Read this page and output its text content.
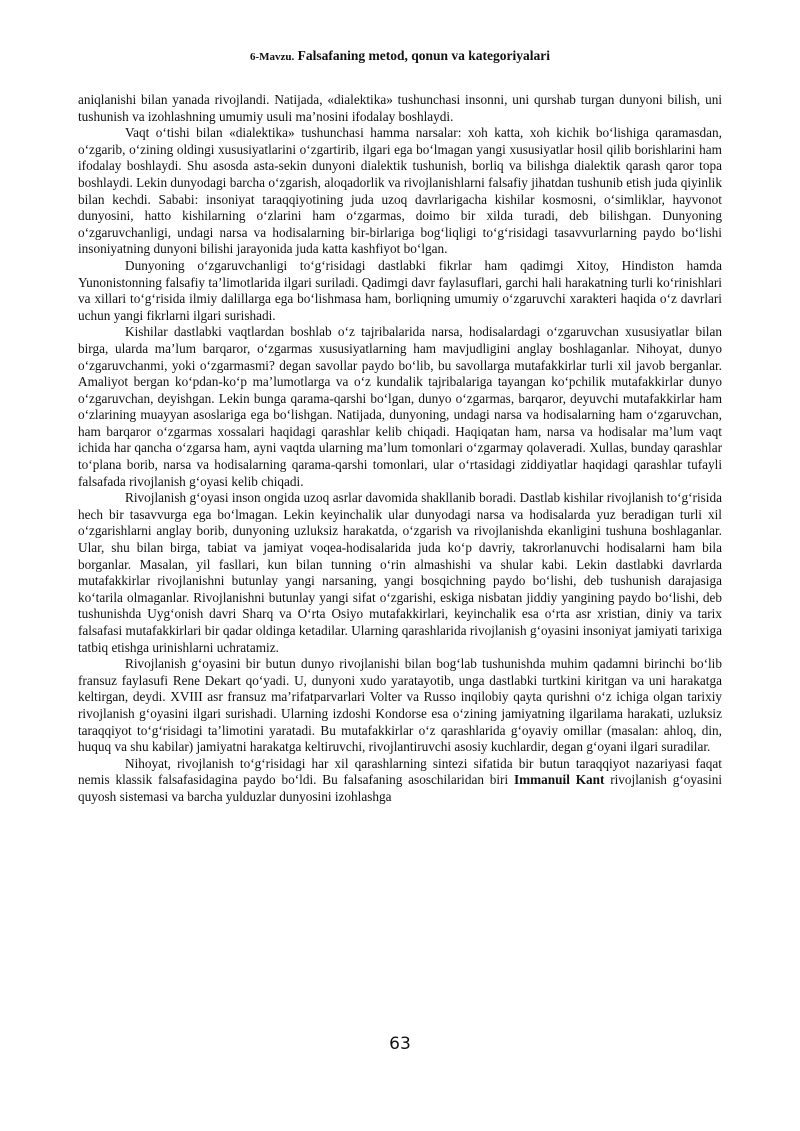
6-Mavzu. Falsafaning metod, qonun va kategoriyalari

aniqlanishi bilan yanada rivojlandi. Natijada, «dialektika» tushunchasi insonni, uni qurshab turgan dunyoni bilish, uni tushunish va izohlashning umumiy usuli ma’nosini ifodalay boshlaydi.

Vaqt o‘tishi bilan «dialektika» tushunchasi hamma narsalar: xoh katta, xoh kichik bo‘lishiga qaramasdan, o‘zgarib, o‘zining oldingi xususiyatlarini o‘zgartirib, ilgari ega bo‘lmagan yangi xususiyatlar hosil qilib borishlarini ham ifodalay boshlaydi. Shu asosda asta-sekin dunyoni dialektik tushunish, borliq va bilishga dialektik qarash qaror topa boshlaydi. Lekin dunyodagi barcha o‘zgarish, aloqadorlik va rivojlanishlarni falsafiy jihatdan tushunib etish juda qiyinlik bilan kechdi. Sababi: insoniyat taraqqiyotining juda uzoq davrlarigacha kishilar kosmosni, o‘simliklar, hayvonot dunyosini, hatto kishilarning o‘zlarini ham o‘zgarmas, doimo bir xilda turadi, deb bilishgan. Dunyoning o‘zgaruvchanligi, undagi narsa va hodisalarning bir-birlariga bog‘liqligi to‘g‘risidagi tasavvurlarning paydo bo‘lishi insoniyatning dunyoni bilishi jarayonida juda katta kashfiyot bo‘lgan.

Dunyoning o‘zgaruvchanligi to‘g‘risidagi dastlabki fikrlar ham qadimgi Xitoy, Hindiston hamda Yunonistonning falsafiy ta’limotlarida ilgari suriladi. Qadimgi davr faylasuflari, garchi hali harakatning turli ko‘rinishlari va xillari to‘g‘risida ilmiy dalillarga ega bo‘lishmasa ham, borliqning umumiy o‘zgaruvchi xarakteri haqida o‘z davrlari uchun yangi fikrlarni ilgari surishadi.

Kishilar dastlabki vaqtlardan boshlab o‘z tajribalarida narsa, hodisalardagi o‘zgaruvchan xususiyatlar bilan birga, ularda ma’lum barqaror, o‘zgarmas xususiyatlarning ham mavjudligini anglay boshlaganlar. Nihoyat, dunyo o‘zgaruvchanmi, yoki o‘zgarmasmi? degan savollar paydo bo‘lib, bu savollarga mutafakkirlar turli xil javob berganlar. Amaliyot bergan ko‘pdan-ko‘p ma’lumotlarga va o‘z kundalik tajribalariga tayangan ko‘pchilik mutafakkirlar dunyo o‘zgaruvchan, deyishgan. Lekin bunga qarama-qarshi bo‘lgan, dunyo o‘zgarmas, barqaror, deyuvchi mutafakkirlar ham o‘zlarining muayyan asoslariga ega bo‘lishgan. Natijada, dunyoning, undagi narsa va hodisalarning ham o‘zgaruvchan, ham barqaror o‘zgarmas xossalari haqidagi qarashlar kelib chiqadi. Haqiqatan ham, narsa va hodisalar ma’lum vaqt ichida har qancha o‘zgarsa ham, ayni vaqtda ularning ma’lum tomonlari o‘zgarmay qolaveradi. Xullas, bunday qarashlar to‘plana borib, narsa va hodisalarning qarama-qarshi tomonlari, ular o‘rtasidagi ziddiyatlar haqidagi qarashlar tufayli falsafada rivojlanish g‘oyasi kelib chiqadi.

Rivojlanish g‘oyasi inson ongida uzoq asrlar davomida shakllanib boradi. Dastlab kishilar rivojlanish to‘g‘risida hech bir tasavvurga ega bo‘lmagan. Lekin keyinchalik ular dunyodagi narsa va hodisalarda yuz beradigan turli xil o‘zgarishlarni anglay borib, dunyoning uzluksiz harakatda, o‘zgarish va rivojlanishda ekanligini tushuna boshlaganlar. Ular, shu bilan birga, tabiat va jamiyat voqea-hodisalarida juda ko‘p davriy, takrorlanuvchi hodisalarni ham bila borganlar. Masalan, yil fasllari, kun bilan tunning o‘rin almashishi va shular kabi. Lekin dastlabki davrlarda mutafakkirlar rivojlanishni butunlay yangi narsaning, yangi bosqichning paydo bo‘lishi, deb tushunish darajasiga ko‘tarila olmaganlar. Rivojlanishni butunlay yangi sifat o‘zgarishi, eskiga nisbatan jiddiy yangining paydo bo‘lishi, deb tushunishda Uyg‘onish davri Sharq va O‘rta Osiyo mutafakkirlari, keyinchalik esa o‘rta asr xristian, diniy va tarix falsafasi mutafakkirlari bir qadar oldinga ketadilar. Ularning qarashlarida rivojlanish g‘oyasini insoniyat jamiyati tarixiga tatbiq etishga urinishlarni uchratamiz.

Rivojlanish g‘oyasini bir butun dunyo rivojlanishi bilan bog‘lab tushunishda muhim qadamni birinchi bo‘lib fransuz faylasufi Rene Dekart qo‘yadi. U, dunyoni xudo yaratayotib, unga dastlabki turtkini kiritgan va uni harakatga keltirgan, deydi. XVIII asr fransuz ma’rifatparvarlari Volter va Russo inqilobiy qayta qurishni o‘z ichiga olgan tarixiy rivojlanish g‘oyasini ilgari surishadi. Ularning izdoshi Kondorse esa o‘zining jamiyatning ilgarilama harakati, uzluksiz taraqqiyot to‘g‘risidagi ta’limotini yaratadi. Bu mutafakkirlar o‘z qarashlarida g‘oyaviy omillar (masalan: ahloq, din, huquq va shu kabilar) jamiyatni harakatga keltiruvchi, rivojlantiruvchi asosiy kuchlardir, degan g‘oyani ilgari suradilar.

Nihoyat, rivojlanish to‘g‘risidagi har xil qarashlarning sintezi sifatida bir butun taraqqiyot nazariyasi faqat nemis klassik falsafasidagina paydo bo‘ldi. Bu falsafaning asoschilaridan biri Immanuil Kant rivojlanish g‘oyasini quyosh sistemasi va barcha yulduzlar dunyosini izohlashga

63
